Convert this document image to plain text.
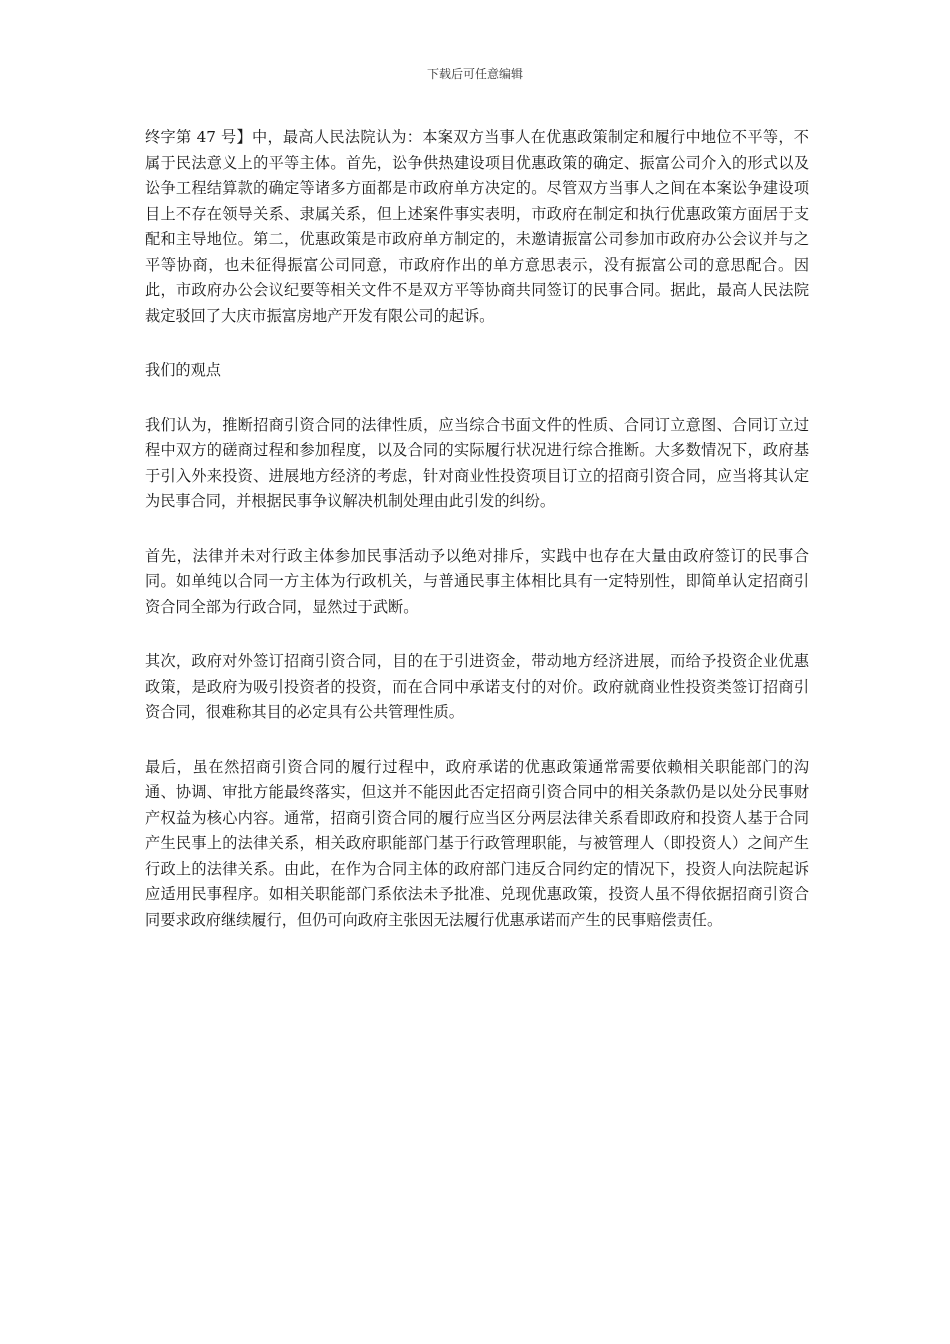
下载后可任意编辑

终字第 47 号】中，最高人民法院认为：本案双方当事人在优惠政策制定和履行中地位不平等，不属于民法意义上的平等主体。首先，讼争供热建设项目优惠政策的确定、振富公司介入的形式以及讼争工程结算款的确定等诸多方面都是市政府单方决定的。尽管双方当事人之间在本案讼争建设项目上不存在领导关系、隶属关系，但上述案件事实表明，市政府在制定和执行优惠政策方面居于支配和主导地位。第二，优惠政策是市政府单方制定的，未邀请振富公司参加市政府办公会议并与之平等协商，也未征得振富公司同意，市政府作出的单方意思表示，没有振富公司的意思配合。因此，市政府办公会议纪要等相关文件不是双方平等协商共同签订的民事合同。据此，最高人民法院裁定驳回了大庆市振富房地产开发有限公司的起诉。

我们的观点

我们认为，推断招商引资合同的法律性质，应当综合书面文件的性质、合同订立意图、合同订立过程中双方的磋商过程和参加程度，以及合同的实际履行状况进行综合推断。大多数情况下，政府基于引入外来投资、进展地方经济的考虑，针对商业性投资项目订立的招商引资合同，应当将其认定为民事合同，并根据民事争议解决机制处理由此引发的纠纷。

首先，法律并未对行政主体参加民事活动予以绝对排斥，实践中也存在大量由政府签订的民事合同。如单纯以合同一方主体为行政机关，与普通民事主体相比具有一定特别性，即简单认定招商引资合同全部为行政合同，显然过于武断。

其次，政府对外签订招商引资合同，目的在于引进资金，带动地方经济进展，而给予投资企业优惠政策，是政府为吸引投资者的投资，而在合同中承诺支付的对价。政府就商业性投资类签订招商引资合同，很难称其目的必定具有公共管理性质。

最后，虽在然招商引资合同的履行过程中，政府承诺的优惠政策通常需要依赖相关职能部门的沟通、协调、审批方能最终落实，但这并不能因此否定招商引资合同中的相关条款仍是以处分民事财产权益为核心内容。通常，招商引资合同的履行应当区分两层法律关系看即政府和投资人基于合同产生民事上的法律关系，相关政府职能部门基于行政管理职能，与被管理人（即投资人）之间产生行政上的法律关系。由此，在作为合同主体的政府部门违反合同约定的情况下，投资人向法院起诉应适用民事程序。如相关职能部门系依法未予批准、兑现优惠政策，投资人虽不得依据招商引资合同要求政府继续履行，但仍可向政府主张因无法履行优惠承诺而产生的民事赔偿责任。
